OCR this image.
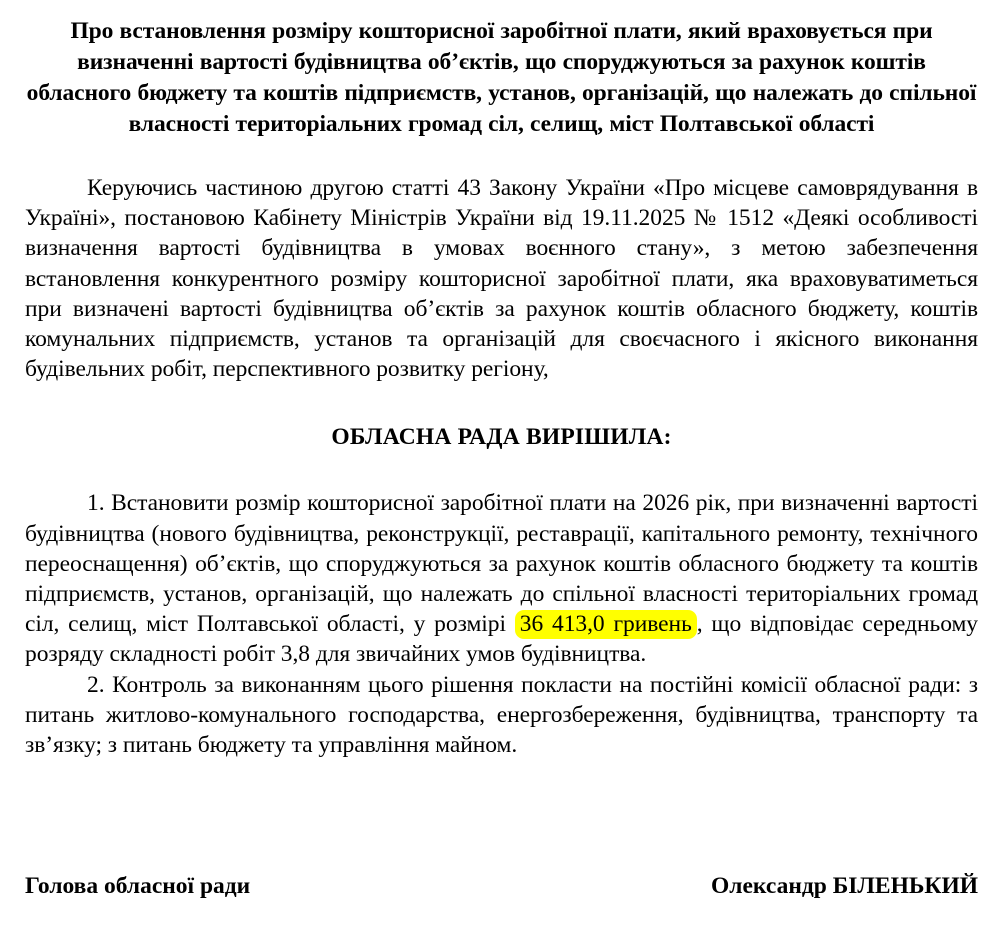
Про встановлення розміру кошторисної заробітної плати, який враховується при визначенні вартості будівництва об’єктів, що споруджуються за рахунок коштів обласного бюджету та коштів підприємств, установ, організацій, що належать до спільної власності територіальних громад сіл, селищ, міст Полтавської області

Керуючись частиною другою статті 43 Закону України «Про місцеве самоврядування в Україні», постановою Кабінету Міністрів України від 19.11.2025 № 1512 «Деякі особливості визначення вартості будівництва в умовах воєнного стану», з метою забезпечення встановлення конкурентного розміру кошторисної заробітної плати, яка враховуватиметься при визначені вартості будівництва об’єктів за рахунок коштів обласного бюджету, коштів комунальних підприємств, установ та організацій для своєчасного і якісного виконання будівельних робіт, перспективного розвитку регіону,

ОБЛАСНА РАДА ВИРІШИЛА:

1. Встановити розмір кошторисної заробітної плати на 2026 рік, при визначенні вартості будівництва (нового будівництва, реконструкції, реставрації, капітального ремонту, технічного переоснащення) об’єктів, що споруджуються за рахунок коштів обласного бюджету та коштів підприємств, установ, організацій, що належать до спільної власності територіальних громад сіл, селищ, міст Полтавської області, у розмірі 36 413,0 гривень , що відповідає середньому розряду складності робіт 3,8 для звичайних умов будівництва.

2. Контроль за виконанням цього рішення покласти на постійні комісії обласної ради: з питань житлово-комунального господарства, енергозбереження, будівництва, транспорту та зв’язку; з питань бюджету та управління майном.

Голова обласної ради	Олександр БІЛЕНЬКИЙ
